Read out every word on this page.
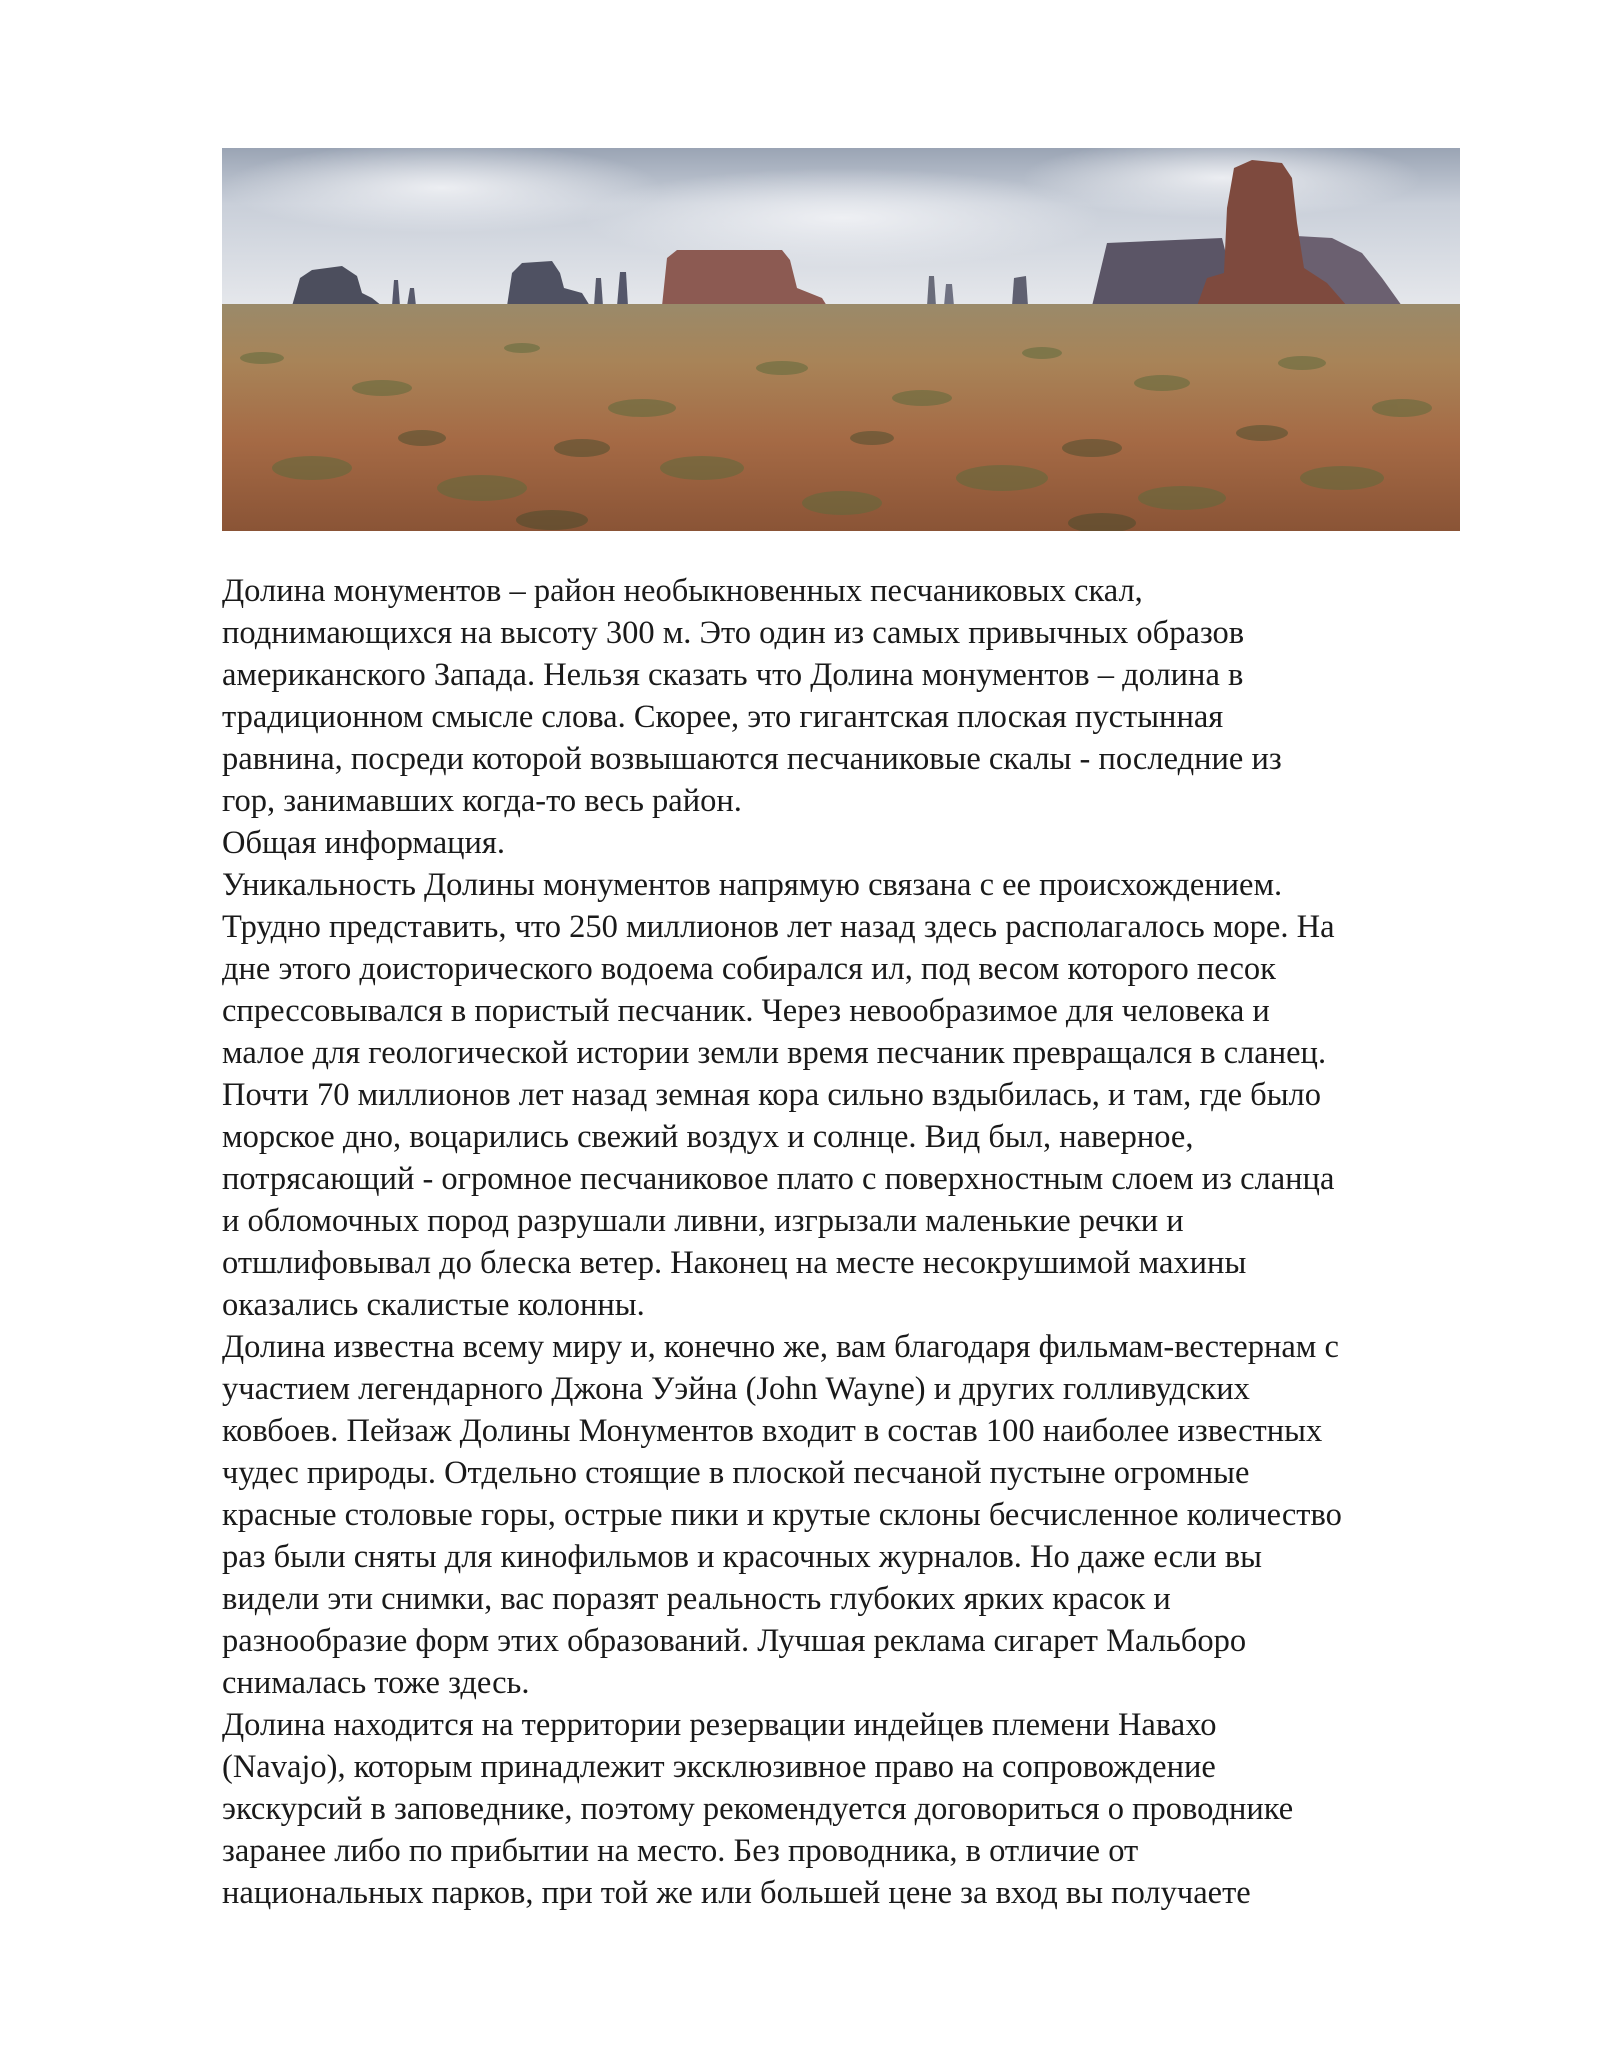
Долина монументов – район необыкновенных песчаниковых скал,
поднимающихся на высоту 300 м. Это один из самых привычных образов
американского Запада. Нельзя сказать что Долина монументов – долина в
традиционном смысле слова. Скорее, это гигантская плоская пустынная
равнина, посреди которой возвышаются песчаниковые скалы - последние из
гор, занимавших когда-то весь район.
Общая информация.
Уникальность Долины монументов напрямую связана с ее происхождением.
Трудно представить, что 250 миллионов лет назад здесь располагалось море. На
дне этого доисторического водоема собирался ил, под весом которого песок
спрессовывался в пористый песчаник. Через невообразимое для человека и
малое для геологической истории земли время песчаник превращался в сланец.
Почти 70 миллионов лет назад земная кора сильно вздыбилась, и там, где было
морское дно, воцарились свежий воздух и солнце. Вид был, наверное,
потрясающий - огромное песчаниковое плато с поверхностным слоем из сланца
и обломочных пород разрушали ливни, изгрызали маленькие речки и
отшлифовывал до блеска ветер. Наконец на месте несокрушимой махины
оказались скалистые колонны.
Долина известна всему миру и, конечно же, вам благодаря фильмам-вестернам с
участием легендарного Джона Уэйна (John Wayne) и других голливудских
ковбоев. Пейзаж Долины Монументов входит в состав 100 наиболее известных
чудес природы. Отдельно стоящие в плоской песчаной пустыне огромные
красные столовые горы, острые пики и крутые склоны бесчисленное количество
раз были сняты для кинофильмов и красочных журналов. Но даже если вы
видели эти снимки, вас поразят реальность глубоких ярких красок и
разнообразие форм этих образований. Лучшая реклама сигарет Мальборо
снималась тоже здесь.
Долина находится на территории резервации индейцев племени Навахо
(Navajo), которым принадлежит эксклюзивное право на сопровождение
экскурсий в заповеднике, поэтому рекомендуется договориться о проводнике
заранее либо по прибытии на место. Без проводника, в отличие от
национальных парков, при той же или большей цене за вход вы получаете
